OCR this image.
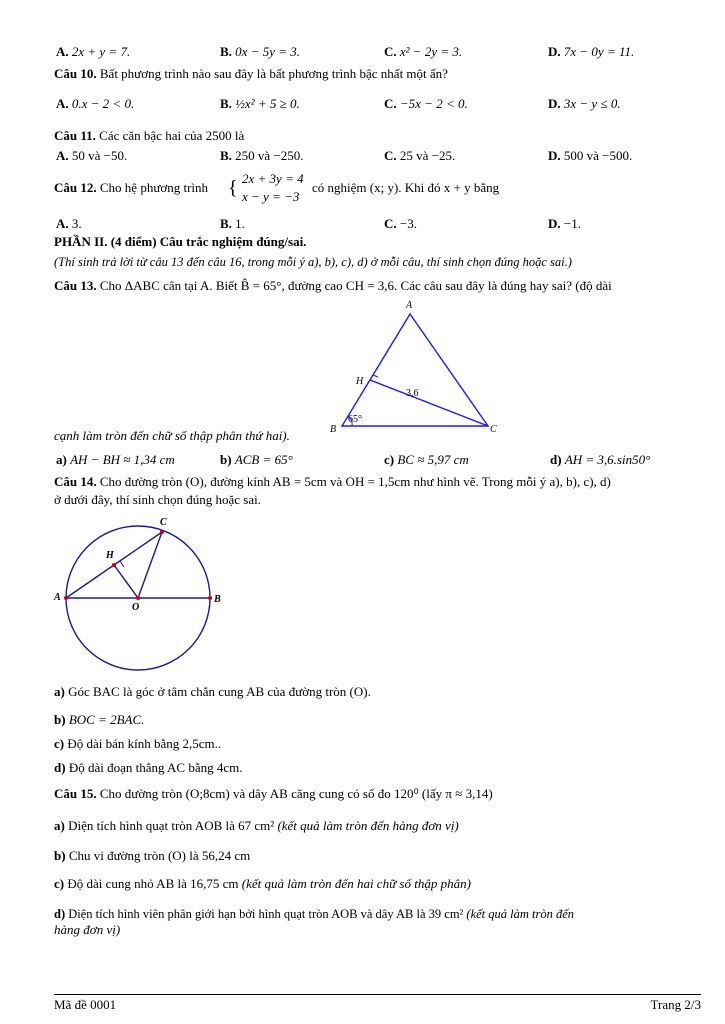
A. 2x + y = 7.	B. 0x − 5y = 3.	C. x² − 2y = 3.	D. 7x − 0y = 11.
Câu 10. Bất phương trình nào sau đây là bất phương trình bậc nhất một ẩn?
A. 0.x − 2 < 0.	B. ½x² + 5 ≥ 0.	C. −5x − 2 < 0.	D. 3x − y ≤ 0.
Câu 11. Các căn bậc hai của 2500 là
A. 50 và −50.	B. 250 và −250.	C. 25 và −25.	D. 500 và −500.
Câu 12. Cho hệ phương trình { 2x + 3y = 4
x − y = −3
có nghiệm (x; y). Khi đó x + y bằng
A. 3.	B. 1.	C. −3.	D. −1.
PHẦN II. (4 điểm) Câu trắc nghiệm đúng/sai.
(Thí sinh trả lời từ câu 13 đến câu 16, trong mỗi ý a), b), c), d) ở mỗi câu, thí sinh chọn đúng hoặc sai.)
Câu 13. Cho ΔABC cân tại A. Biết B̂ = 65°, đường cao CH = 3,6. Các câu sau đây là đúng hay sai? (độ dài
A
B	C
H
65°
3,6
cạnh làm tròn đến chữ số thập phân thứ hai).
a) AH − BH ≈ 1,34 cm	b) ACB = 65°	c) BC ≈ 5,97 cm	d) AH = 3,6.sin50°
Câu 14. Cho đường tròn (O), đường kính AB = 5cm và OH = 1,5cm như hình vẽ. Trong mỗi ý a), b), c), d)
ở dưới đây, thí sinh chọn đúng hoặc sai.
A	B
C
H
O
a) Góc BAC là góc ở tâm chắn cung AB của đường tròn (O).
b) BOC = 2BAC.
c) Độ dài bán kính bằng 2,5cm..
d) Độ dài đoạn thẳng AC bằng 4cm.
Câu 15. Cho đường tròn (O;8cm) và dây AB căng cung có số đo 120⁰ (lấy π ≈ 3,14)
a) Diện tích hình quạt tròn AOB là 67 cm² (kết quả làm tròn đến hàng đơn vị)
b) Chu vi đường tròn (O) là 56,24 cm
c) Độ dài cung nhỏ AB là 16,75 cm (kết quả làm tròn đến hai chữ số thập phân)
d) Diện tích hình viên phân giới hạn bởi hình quạt tròn AOB và dây AB là 39 cm² (kết quả làm tròn đến
hàng đơn vị)
Mã đề 0001	Trang 2/3
